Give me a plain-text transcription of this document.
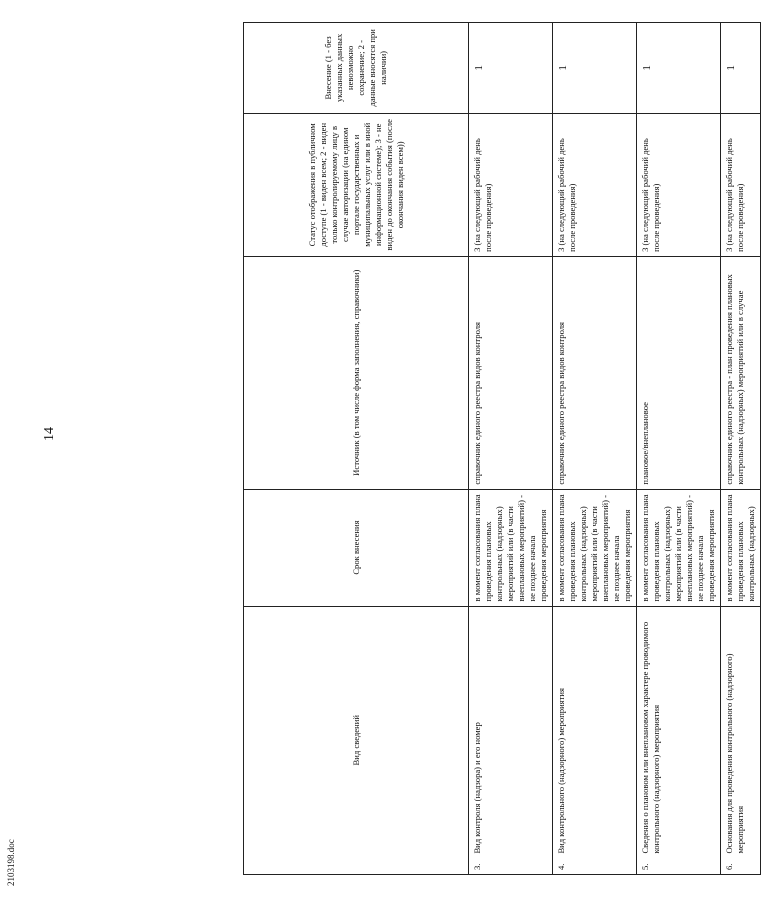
14
2103198.doc
Вид сведений	Срок внесения	Источник (в том числе форма заполнения, справочники)	Статус отображения в публичном доступе (1 - виден всем; 2 - виден только контролируемому лицу в случае авторизации (на едином портале государственных и муниципальных услуг или в иной информационной системе); 3 - не виден до окончания события (после окончания виден всем))	Внесение (1 - без указанных данных невозможно сохранение; 2 - данные вносятся при наличии)

3.
Вид контроля (надзора) и его номер	в момент согласования плана проведения плановых контрольных (надзорных) мероприятий или (в части внеплановых мероприятий) - не позднее начала проведения мероприятия	справочник единого реестра видов контроля	3 (на следующий рабочий день после проведения)	1

4.
Вид контрольного (надзорного) мероприятия	в момент согласования плана проведения плановых контрольных (надзорных) мероприятий или (в части внеплановых мероприятий) - не позднее начала проведения мероприятия	справочник единого реестра видов контроля	3 (на следующий рабочий день после проведения)	1

5.
Сведения о плановом или внеплановом характере проводимого контрольного (надзорного) мероприятия	в момент согласования плана проведения плановых контрольных (надзорных) мероприятий или (в части внеплановых мероприятий) - не позднее начала проведения мероприятия	плановое/внеплановое	3 (на следующий рабочий день после проведения)	1

6.
Основания для проведения контрольного (надзорного) мероприятия	в момент согласования плана проведения плановых контрольных (надзорных)	справочник единого реестра - план проведения плановых контрольных (надзорных) мероприятий или в случае	3 (на следующий рабочий день после проведения)	1
